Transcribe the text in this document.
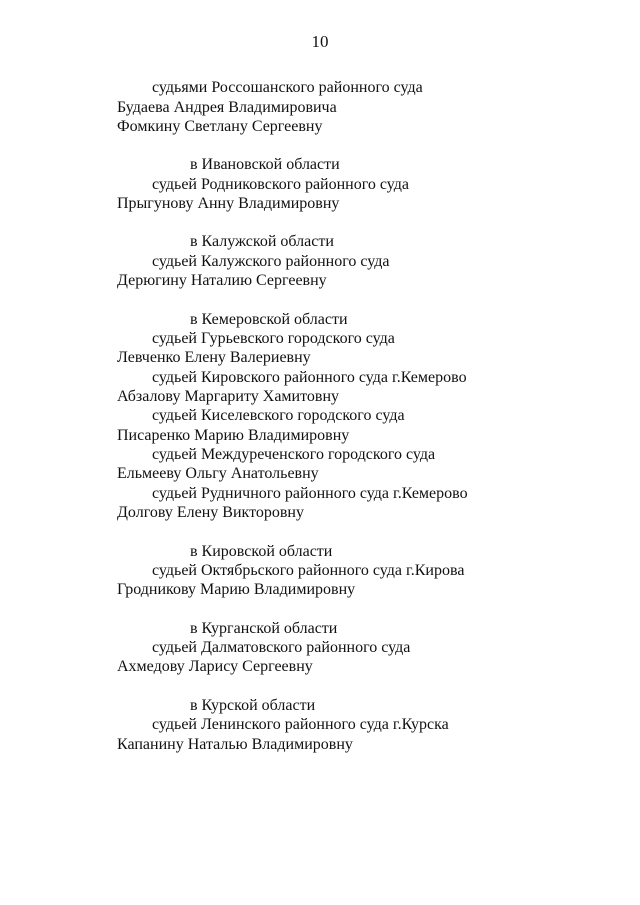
10
судьями Россошанского районного суда
Будаева Андрея Владимировича
Фомкину Светлану Сергеевну
в Ивановской области
судьей Родниковского районного суда
Прыгунову Анну Владимировну
в Калужской области
судьей Калужского районного суда
Дерюгину Наталию Сергеевну
в Кемеровской области
судьей Гурьевского городского суда
Левченко Елену Валериевну
судьей Кировского районного суда г.Кемерово
Абзалову Маргариту Хамитовну
судьей Киселевского городского суда
Писаренко Марию Владимировну
судьей Междуреченского городского суда
Ельмееву Ольгу Анатольевну
судьей Рудничного районного суда г.Кемерово
Долгову Елену Викторовну
в Кировской области
судьей Октябрьского районного суда г.Кирова
Гродникову Марию Владимировну
в Курганской области
судьей Далматовского районного суда
Ахмедову Ларису Сергеевну
в Курской области
судьей Ленинского районного суда г.Курска
Капанину Наталью Владимировну
